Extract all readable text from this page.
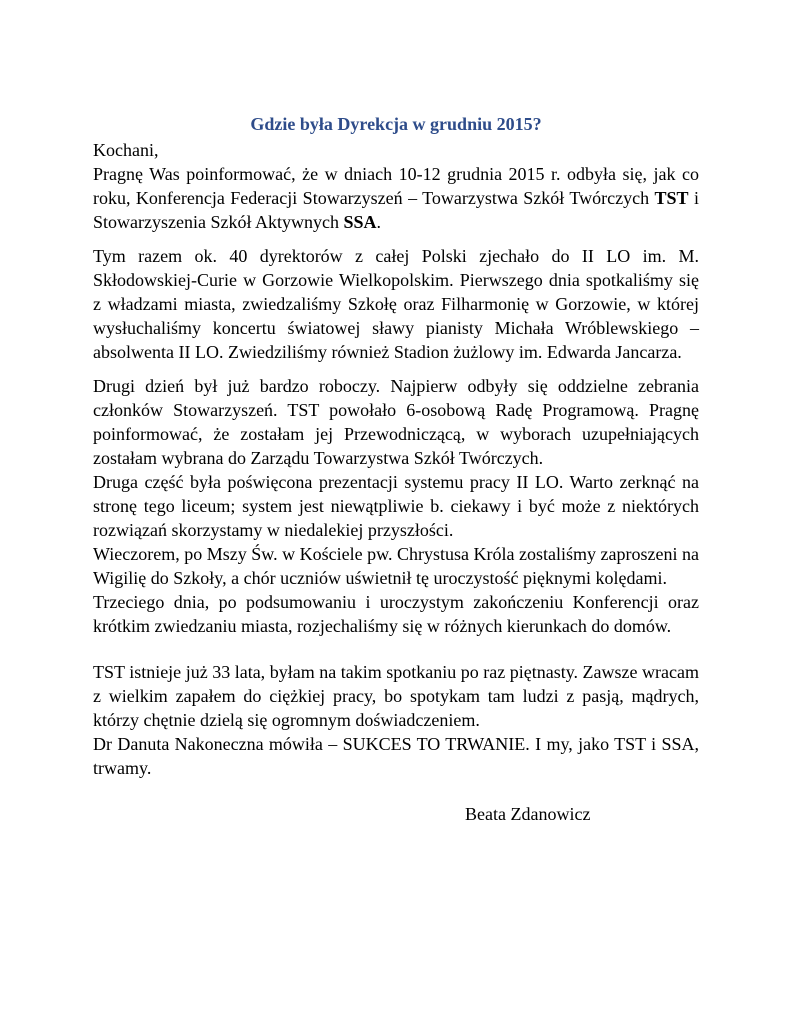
Gdzie była Dyrekcja w grudniu 2015?

Kochani,

Pragnę Was poinformować, że w dniach 10-12 grudnia 2015 r. odbyła się, jak co roku, Konferencja Federacji Stowarzyszeń – Towarzystwa Szkół Twórczych TST i Stowarzyszenia Szkół Aktywnych SSA.

Tym razem ok. 40 dyrektorów z całej Polski zjechało do II LO im. M. Skłodowskiej-Curie w Gorzowie Wielkopolskim. Pierwszego dnia spotkaliśmy się z władzami miasta, zwiedzaliśmy Szkołę oraz Filharmonię w Gorzowie, w której wysłuchaliśmy koncertu światowej sławy pianisty Michała Wróblewskiego – absolwenta II LO. Zwiedziliśmy również Stadion żużlowy im. Edwarda Jancarza.

Drugi dzień był już bardzo roboczy. Najpierw odbyły się oddzielne zebrania członków Stowarzyszeń. TST powołało 6-osobową Radę Programową. Pragnę poinformować, że zostałam jej Przewodniczącą, w wyborach uzupełniających zostałam wybrana do Zarządu Towarzystwa Szkół Twórczych.

Druga część była poświęcona prezentacji systemu pracy II LO. Warto zerknąć na stronę tego liceum; system jest niewątpliwie b. ciekawy i być może z niektórych rozwiązań skorzystamy w niedalekiej przyszłości.

Wieczorem, po Mszy Św. w Kościele pw. Chrystusa Króla zostaliśmy zaproszeni na Wigilię do Szkoły, a chór uczniów uświetnił tę uroczystość pięknymi kolędami.

Trzeciego dnia, po podsumowaniu i uroczystym zakończeniu Konferencji oraz krótkim zwiedzaniu miasta, rozjechaliśmy się w różnych kierunkach do domów.

TST istnieje już 33 lata, byłam na takim spotkaniu po raz piętnasty. Zawsze wracam z wielkim zapałem do ciężkiej pracy, bo spotykam tam ludzi z pasją, mądrych, którzy chętnie dzielą się ogromnym doświadczeniem.

Dr Danuta Nakoneczna mówiła – SUKCES TO TRWANIE. I my, jako TST i SSA, trwamy.

Beata Zdanowicz
